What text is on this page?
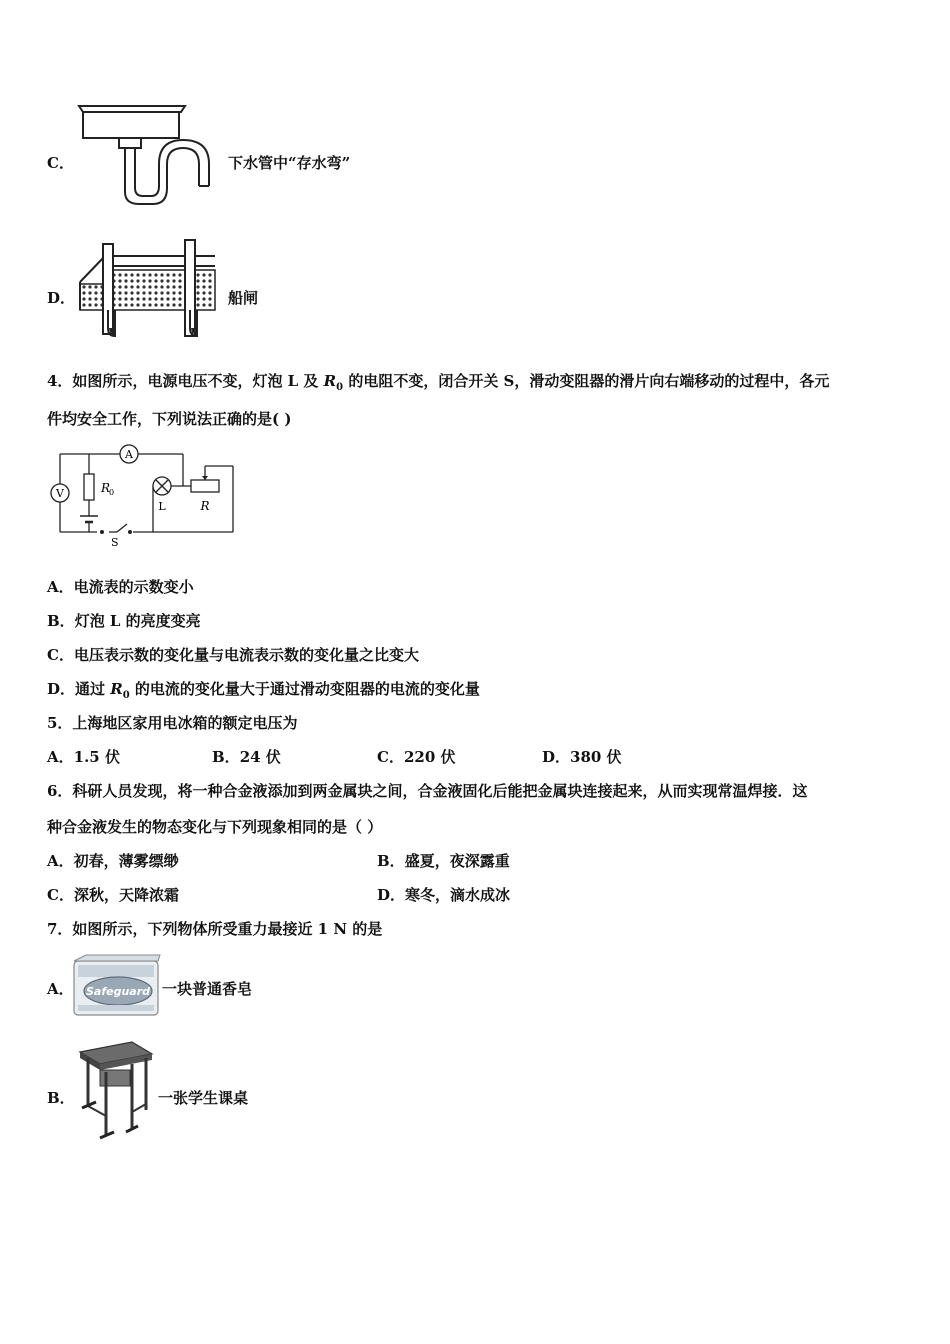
C．	下水管中“存水弯”
D．	船闸
4．如图所示，电源电压不变，灯泡 L 及 $R_0$ 的电阻不变，闭合开关 S，滑动变阻器的滑片向右端移动的过程中，各元
件均安全工作，下列说法正确的是( )
A
V	R
0
S
L	R
A．电流表的示数变小
B．灯泡 L 的亮度变亮
C．电压表示数的变化量与电流表示数的变化量之比变大
D．通过 $R_0$ 的电流的变化量大于通过滑动变阻器的电流的变化量
5．上海地区家用电冰箱的额定电压为
A．1.5 伏	B．24 伏	C．220 伏	D．380 伏
6．科研人员发现，将一种合金液添加到两金属块之间，合金液固化后能把金属块连接起来，从而实现常温焊接．这
种合金液发生的物态变化与下列现象相同的是（ ）
A．初春，薄雾缥缈	B．盛夏，夜深露重
C．深秋，天降浓霜	D．寒冬，滴水成冰
7．如图所示，下列物体所受重力最接近 1 N 的是
A． Safeguard 一块普通香皂
B．	一张学生课桌
